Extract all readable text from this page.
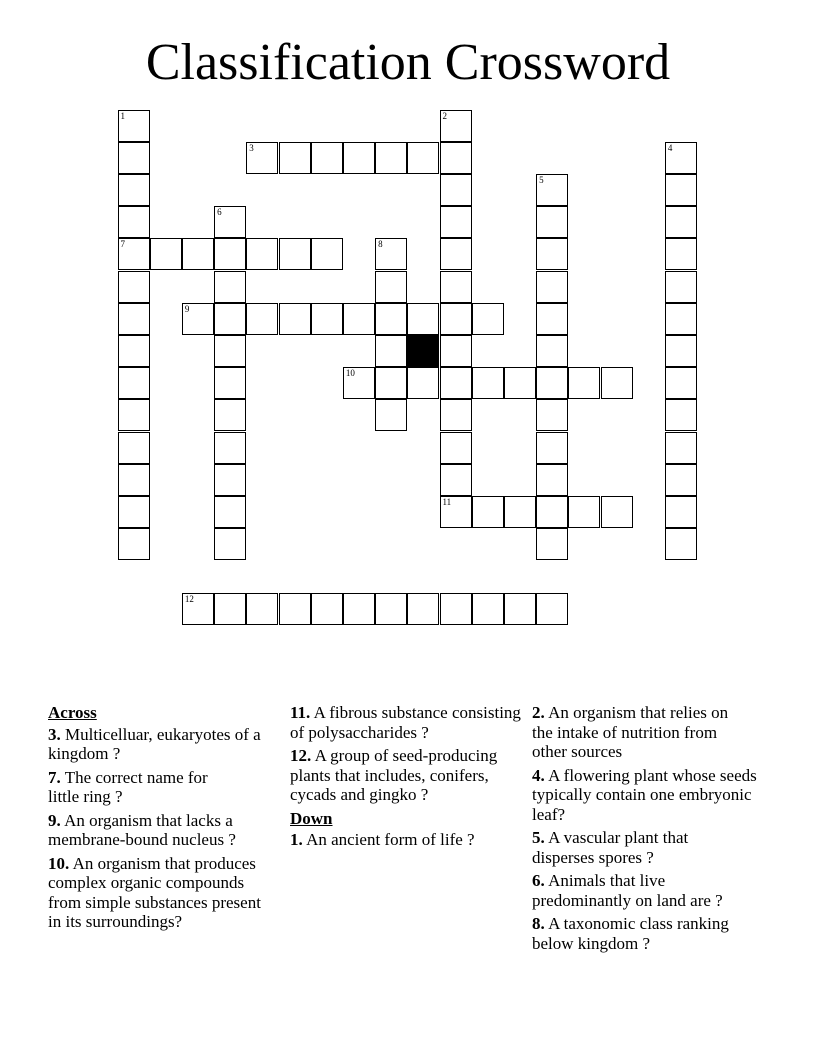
Classification Crossword
1
7
2
11
3	4
5
6
8
9
10
12
Across
3. Multicelluar, eukaryotes of a kingdom ?
7. The correct name for little ring ?
9. An organism that lacks a membrane-bound nucleus ?
10. An organism that produces complex organic compounds from simple substances present in its surroundings?
11. A fibrous substance consisting of polysaccharides ?
12. A group of seed-producing plants that includes, conifers, cycads and gingko ?
Down
1. An ancient form of life ?
2. An organism that relies on the intake of nutrition from other sources
4. A flowering plant whose seeds typically contain one embryonic leaf?
5. A vascular plant that disperses spores ?
6. Animals that live predominantly on land are ?
8. A taxonomic class ranking below kingdom ?
